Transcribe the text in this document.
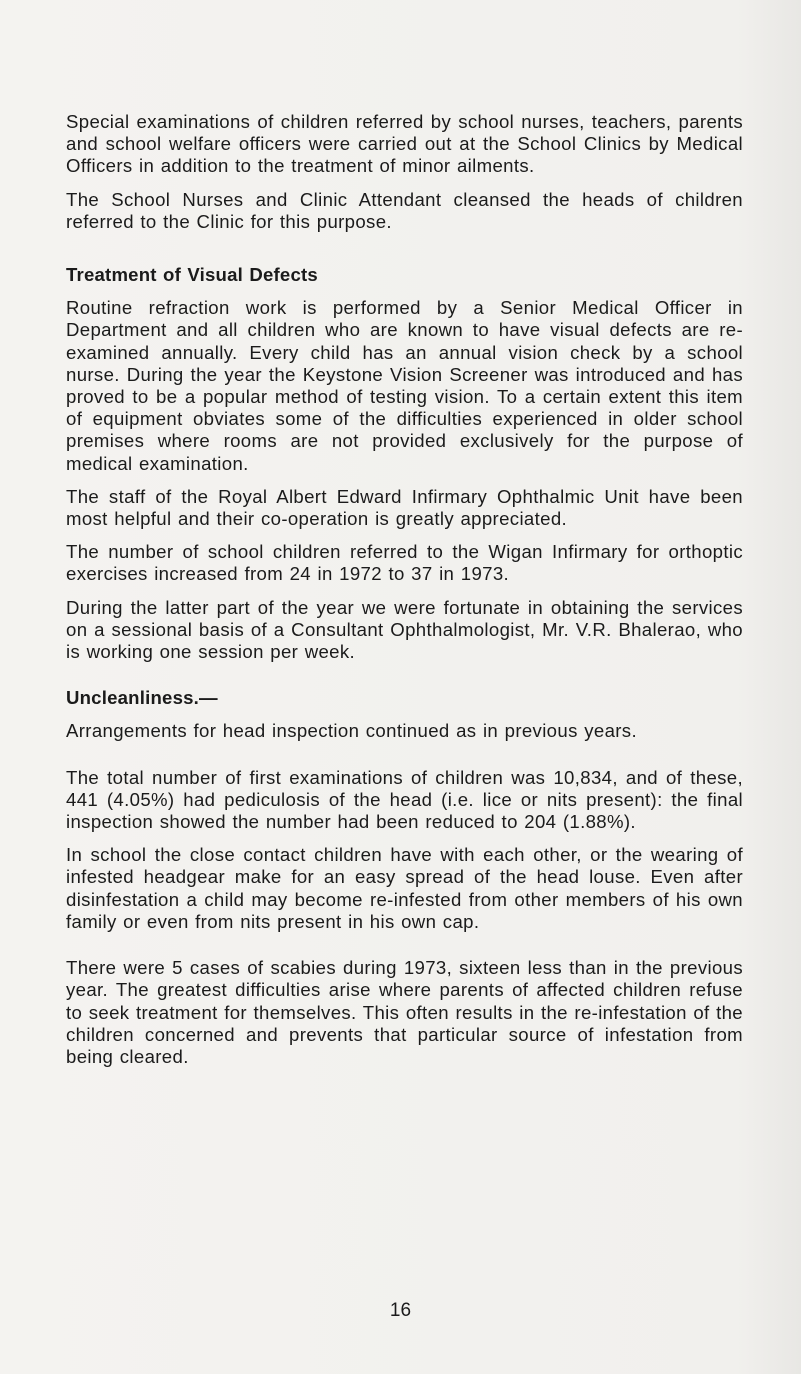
Special examinations of children referred by school nurses, teachers, parents and school welfare officers were carried out at the School Clinics by Medical Officers in addition to the treatment of minor ailments.

The School Nurses and Clinic Attendant cleansed the heads of children referred to the Clinic for this purpose.

Treatment of Visual Defects

Routine refraction work is performed by a Senior Medical Officer in Department and all children who are known to have visual defects are re-examined annually. Every child has an annual vision check by a school nurse. During the year the Keystone Vision Screener was introduced and has proved to be a popular method of testing vision. To a certain extent this item of equipment obviates some of the difficulties experienced in older school premises where rooms are not provided exclusively for the purpose of medical examination.

The staff of the Royal Albert Edward Infirmary Ophthalmic Unit have been most helpful and their co-operation is greatly appreciated.

The number of school children referred to the Wigan Infirmary for orthoptic exercises increased from 24 in 1972 to 37 in 1973.

During the latter part of the year we were fortunate in obtaining the services on a sessional basis of a Consultant Ophthalmologist, Mr. V.R. Bhalerao, who is working one session per week.

Uncleanliness.—

Arrangements for head inspection continued as in previous years.

The total number of first examinations of children was 10,834, and of these, 441 (4.05%) had pediculosis of the head (i.e. lice or nits present): the final inspection showed the number had been reduced to 204 (1.88%).

In school the close contact children have with each other, or the wearing of infested headgear make for an easy spread of the head louse. Even after disinfestation a child may become re-infested from other members of his own family or even from nits present in his own cap.

There were 5 cases of scabies during 1973, sixteen less than in the previous year. The greatest difficulties arise where parents of affected children refuse to seek treatment for themselves. This often results in the re-infestation of the children concerned and prevents that particular source of infestation from being cleared.

16
